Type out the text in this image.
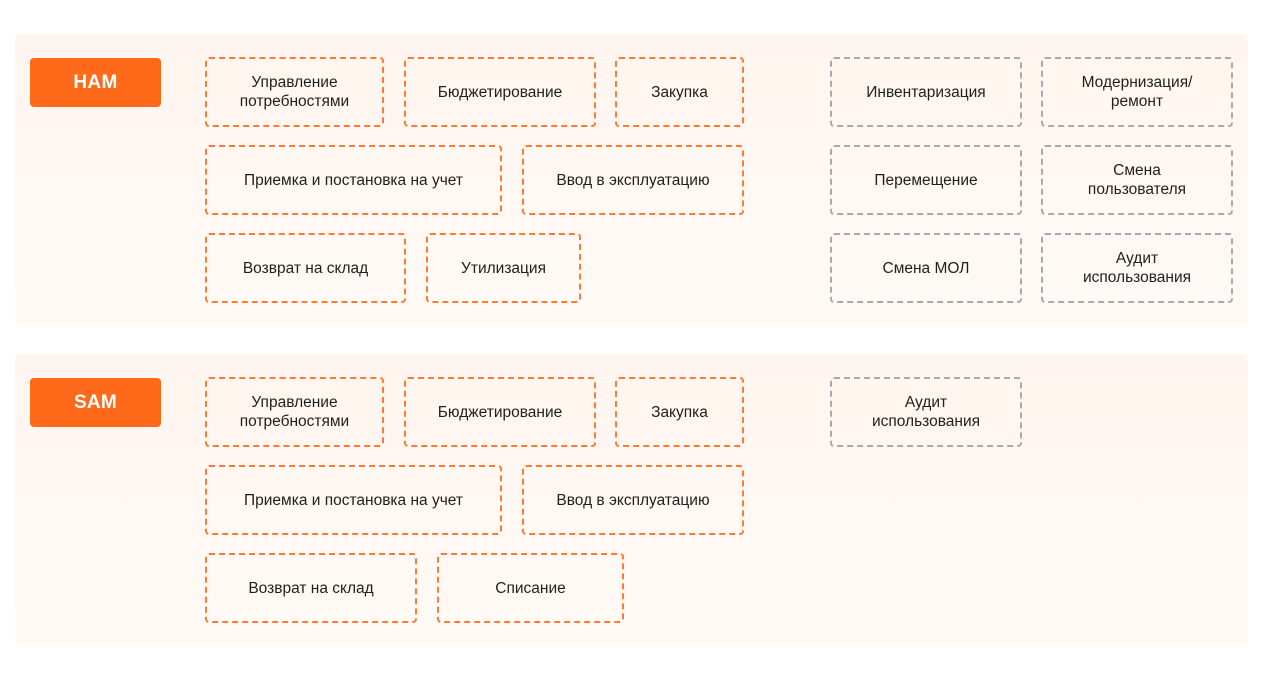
HAM	Управление
потребностями
Бюджетирование	Закупка
Приемка и постановка на учет	Ввод в эксплуатацию
Возврат на склад	Утилизация
Инвентаризация
Модернизация/
ремонт
Перемещение
Смена
пользователя
Смена МОЛ
Аудит
использования
SAM	Управление
потребностями
Бюджетирование	Закупка
Приемка и постановка на учет	Ввод в эксплуатацию
Возврат на склад	Списание
Аудит
использования
